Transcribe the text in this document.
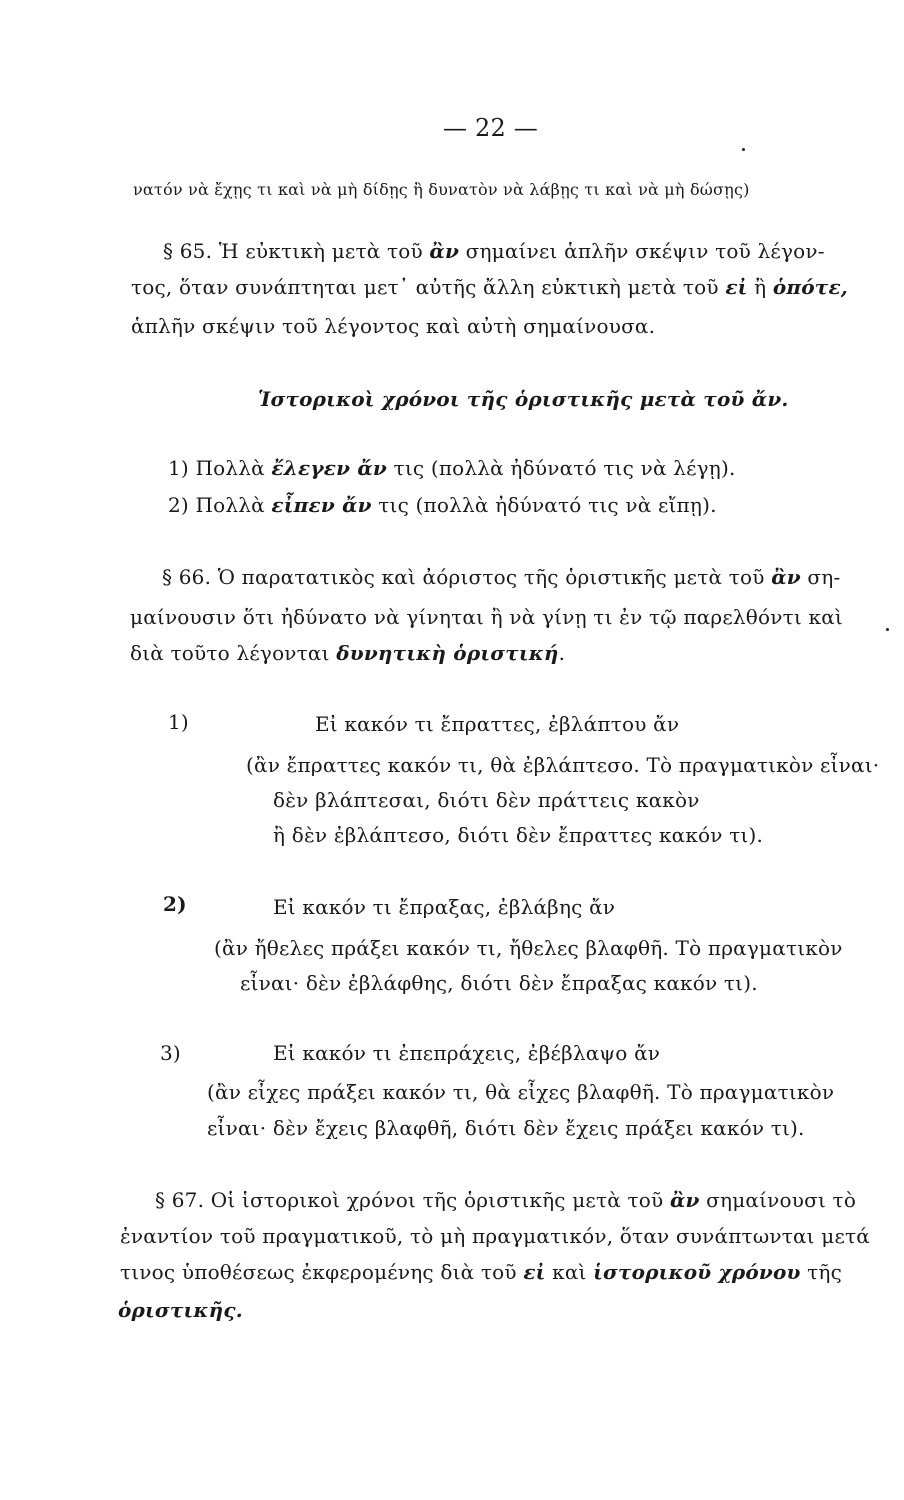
— 22 —
νατόν νὰ ἔχῃς τι καὶ νὰ μὴ δίδῃς ἢ δυνατὸν νὰ λάβῃς τι καὶ νὰ μὴ δώσῃς)
§ 65. Ἡ εὐκτικὴ μετὰ τοῦ ἂν σημαίνει ἁπλῆν σκέψιν τοῦ λέγον-
τος, ὅταν συνάπτηται μετ᾿ αὐτῆς ἄλλη εὐκτικὴ μετὰ τοῦ εἰ ἢ ὁπότε,
ἁπλῆν σκέψιν τοῦ λέγοντος καὶ αὐτὴ σημαίνουσα.
Ἱστορικοὶ χρόνοι τῆς ὁριστικῆς μετὰ τοῦ ἄν.
1) Πολλὰ ἔλεγεν ἄν τις (πολλὰ ἠδύνατό τις νὰ λέγῃ).
2) Πολλὰ εἶπεν ἄν τις (πολλὰ ἠδύνατό τις νὰ εἴπῃ).
§ 66. Ὁ παρατατικὸς καὶ ἀόριστος τῆς ὁριστικῆς μετὰ τοῦ ἂν ση-
μαίνουσιν ὅτι ἠδύνατο νὰ γίνηται ἢ νὰ γίνῃ τι ἐν τῷ παρελθόντι καὶ
διὰ τοῦτο λέγονται δυνητικὴ ὁριστική.
1)	Εἰ κακόν τι ἔπραττες, ἐβλάπτου ἄν
(ἂν ἔπραττες κακόν τι, θὰ ἐβλάπτεσο. Τὸ πραγματικὸν εἶναι·
δὲν βλάπτεσαι, διότι δὲν πράττεις κακὸν
ἢ δὲν ἐβλάπτεσο, διότι δὲν ἔπραττες κακόν τι).
2)	Εἰ κακόν τι ἔπραξας, ἐβλάβης ἄν
(ἂν ἤθελες πράξει κακόν τι, ἤθελες βλαφθῆ. Τὸ πραγματικὸν
εἶναι· δὲν ἐβλάφθης, διότι δὲν ἔπραξας κακόν τι).
3)	Εἰ κακόν τι ἐπεπράχεις, ἐβέβλαψο ἄν
(ἂν εἶχες πράξει κακόν τι, θὰ εἶχες βλαφθῆ. Τὸ πραγματικὸν
εἶναι· δὲν ἔχεις βλαφθῆ, διότι δὲν ἔχεις πράξει κακόν τι).
§ 67. Οἱ ἱστορικοὶ χρόνοι τῆς ὁριστικῆς μετὰ τοῦ ἂν σημαίνουσι τὸ
ἐναντίον τοῦ πραγματικοῦ, τὸ μὴ πραγματικόν, ὅταν συνάπτωνται μετά
τινος ὑποθέσεως ἐκφερομένης διὰ τοῦ εἰ καὶ ἱστορικοῦ χρόνου τῆς
ὁριστικῆς.
